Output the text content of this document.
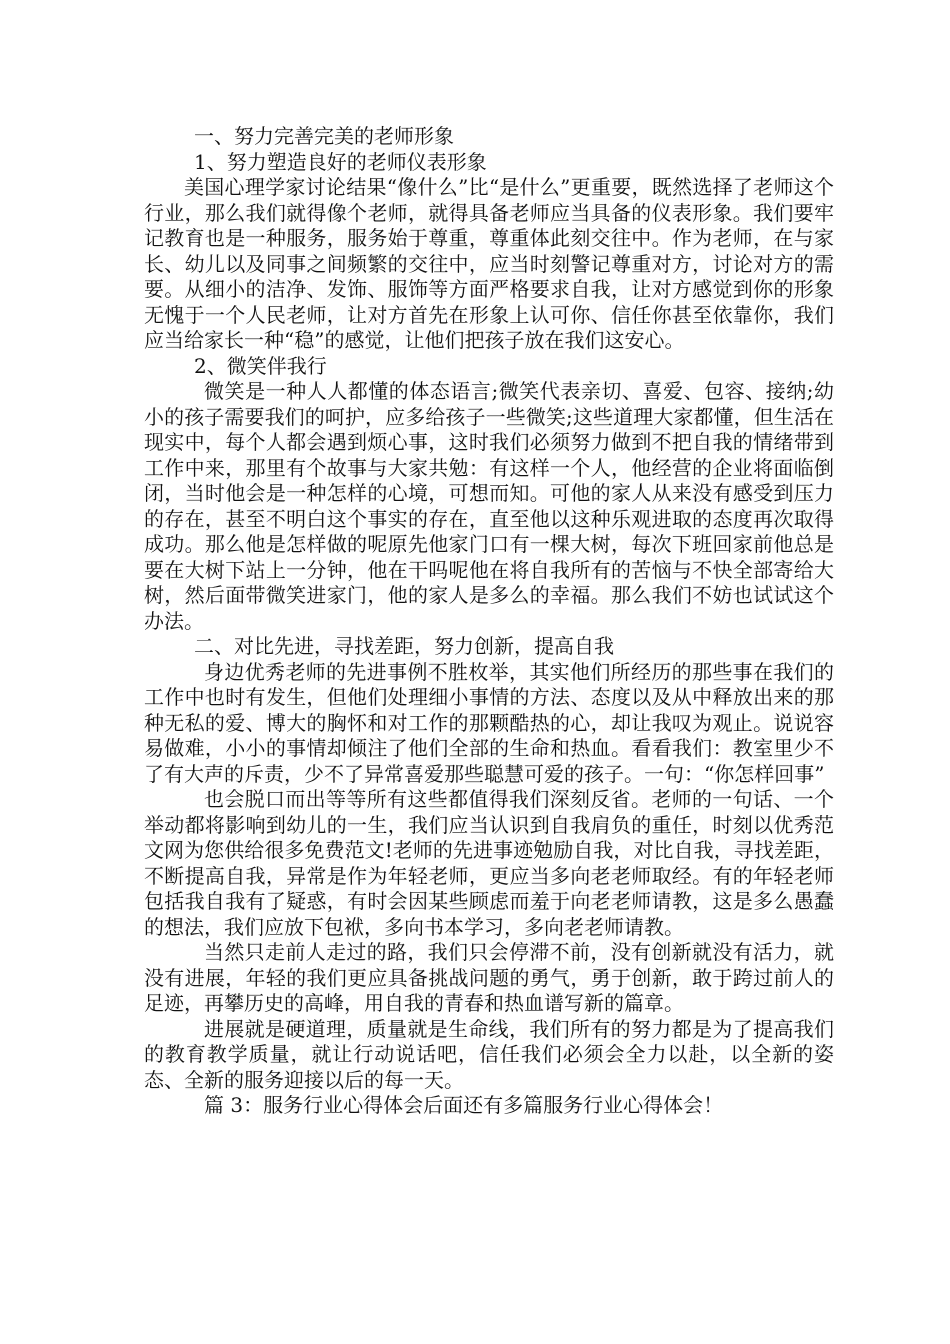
一、努力完善完美的老师形象

1、努力塑造良好的老师仪表形象

美国心理学家讨论结果“像什么”比“是什么”更重要，既然选择了老师这个行业，那么我们就得像个老师，就得具备老师应当具备的仪表形象。我们要牢记教育也是一种服务，服务始于尊重，尊重体此刻交往中。作为老师，在与家长、幼儿以及同事之间频繁的交往中，应当时刻警记尊重对方，讨论对方的需要。从细小的洁净、发饰、服饰等方面严格要求自我，让对方感觉到你的形象无愧于一个人民老师，让对方首先在形象上认可你、信任你甚至依靠你，我们应当给家长一种“稳”的感觉，让他们把孩子放在我们这安心。

2、微笑伴我行

微笑是一种人人都懂的体态语言;微笑代表亲切、喜爱、包容、接纳;幼小的孩子需要我们的呵护，应多给孩子一些微笑;这些道理大家都懂，但生活在现实中，每个人都会遇到烦心事，这时我们必须努力做到不把自我的情绪带到工作中来，那里有个故事与大家共勉：有这样一个人，他经营的企业将面临倒闭，当时他会是一种怎样的心境，可想而知。可他的家人从来没有感受到压力的存在，甚至不明白这个事实的存在，直至他以这种乐观进取的态度再次取得成功。那么他是怎样做的呢原先他家门口有一棵大树，每次下班回家前他总是要在大树下站上一分钟，他在干吗呢他在将自我所有的苦恼与不快全部寄给大树，然后面带微笑进家门，他的家人是多么的幸福。那么我们不妨也试试这个办法。

二、对比先进，寻找差距，努力创新，提高自我

身边优秀老师的先进事例不胜枚举，其实他们所经历的那些事在我们的工作中也时有发生，但他们处理细小事情的方法、态度以及从中释放出来的那种无私的爱、博大的胸怀和对工作的那颗酷热的心，却让我叹为观止。说说容易做难，小小的事情却倾注了他们全部的生命和热血。看看我们：教室里少不了有大声的斥责，少不了异常喜爱那些聪慧可爱的孩子。一句：“你怎样回事”

也会脱口而出等等所有这些都值得我们深刻反省。老师的一句话、一个举动都将影响到幼儿的一生，我们应当认识到自我肩负的重任，时刻以优秀范文网为您供给很多免费范文!老师的先进事迹勉励自我，对比自我，寻找差距，不断提高自我，异常是作为年轻老师，更应当多向老老师取经。有的年轻老师包括我自我有了疑惑，有时会因某些顾虑而羞于向老老师请教，这是多么愚蠢的想法，我们应放下包袱，多向书本学习，多向老老师请教。

当然只走前人走过的路，我们只会停滞不前，没有创新就没有活力，就没有进展，年轻的我们更应具备挑战问题的勇气，勇于创新，敢于跨过前人的足迹，再攀历史的高峰，用自我的青春和热血谱写新的篇章。

进展就是硬道理，质量就是生命线，我们所有的努力都是为了提高我们的教育教学质量，就让行动说话吧，信任我们必须会全力以赴，以全新的姿态、全新的服务迎接以后的每一天。

篇 3：服务行业心得体会后面还有多篇服务行业心得体会！
